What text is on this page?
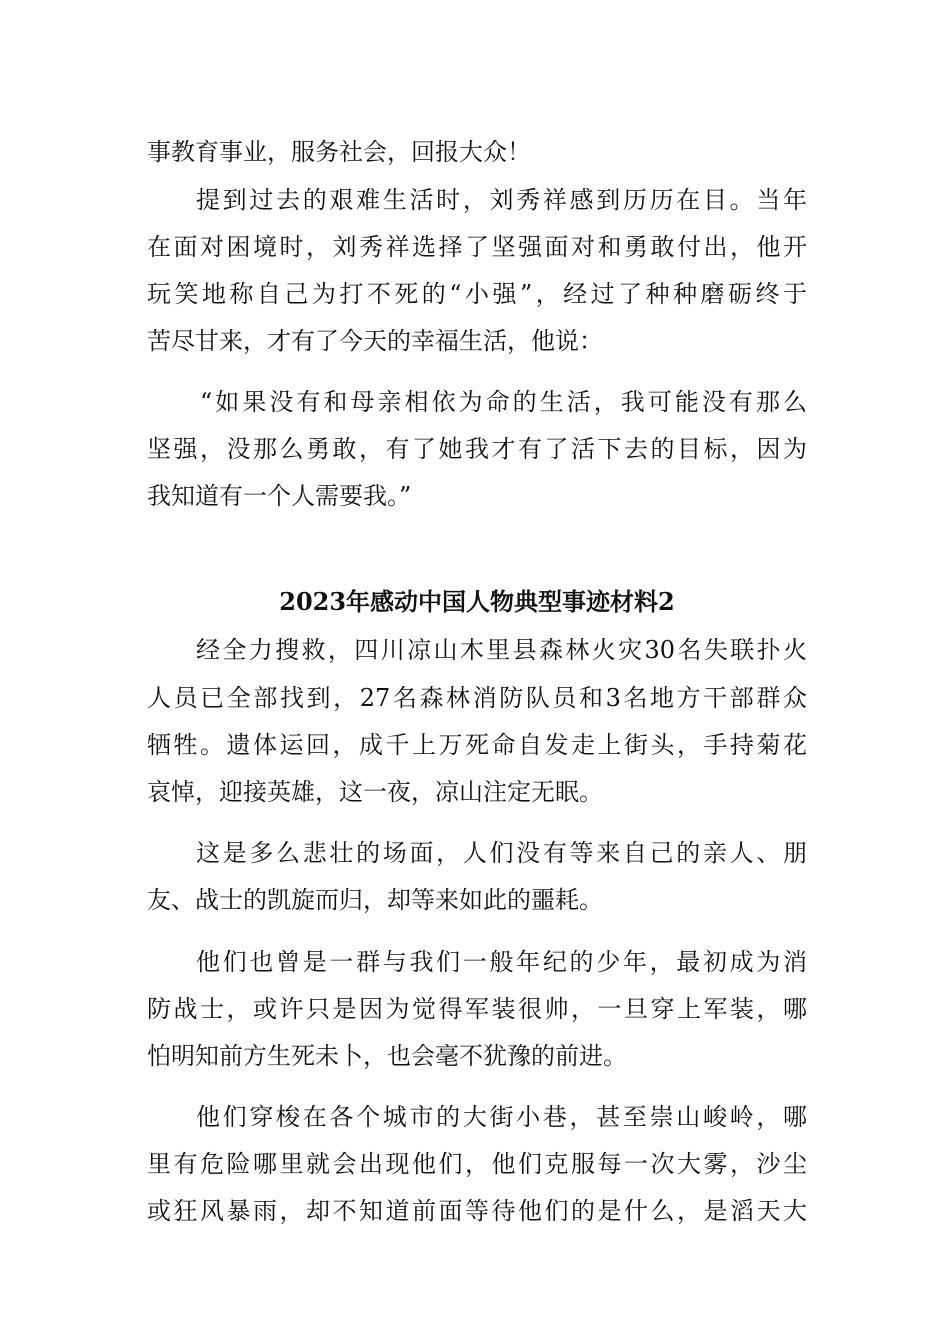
事教育事业，服务社会，回报大众！
提到过去的艰难生活时，刘秀祥感到历历在目。当年
在面对困境时，刘秀祥选择了坚强面对和勇敢付出，他开
玩笑地称自己为打不死的“小强”，经过了种种磨砺终于
苦尽甘来，才有了今天的幸福生活，他说：
“如果没有和母亲相依为命的生活，我可能没有那么
坚强，没那么勇敢，有了她我才有了活下去的目标，因为
我知道有一个人需要我。”
2023年感动中国人物典型事迹材料2
经全力搜救，四川凉山木里县森林火灾30名失联扑火
人员已全部找到，27名森林消防队员和3名地方干部群众
牺牲。遗体运回，成千上万死命自发走上街头，手持菊花
哀悼，迎接英雄，这一夜，凉山注定无眠。
这是多么悲壮的场面，人们没有等来自己的亲人、朋
友、战士的凯旋而归，却等来如此的噩耗。
他们也曾是一群与我们一般年纪的少年，最初成为消
防战士，或许只是因为觉得军装很帅，一旦穿上军装，哪
怕明知前方生死未卜，也会毫不犹豫的前进。
他们穿梭在各个城市的大街小巷，甚至崇山峻岭，哪
里有危险哪里就会出现他们，他们克服每一次大雾，沙尘
或狂风暴雨，却不知道前面等待他们的是什么，是滔天大
